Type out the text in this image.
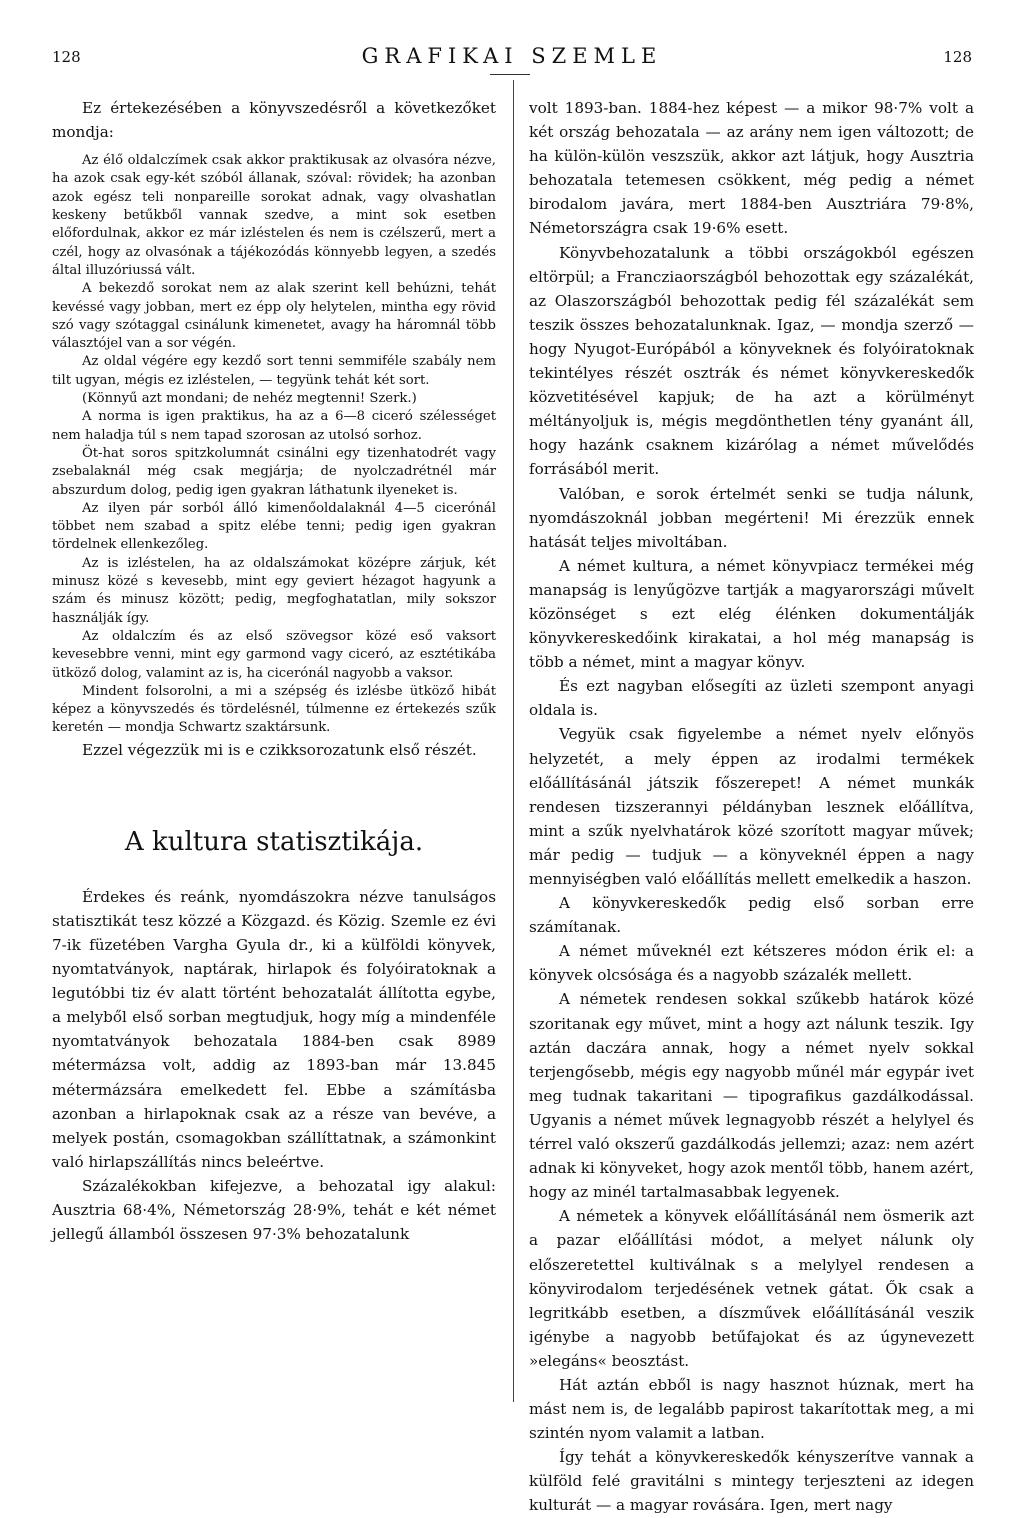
128	GRAFIKAI SZEMLE	128

Ez értekezésében a könyvszedésről a következőket mondja:

Az élő oldalczímek csak akkor praktikusak az olvasóra nézve, ha azok csak egy-két szóból állanak, szóval: rövidek; ha azonban azok egész teli nonpareille sorokat adnak, vagy olvashatlan keskeny betűkből vannak szedve, a mint sok esetben előfordulnak, akkor ez már izléstelen és nem is czélszerű, mert a czél, hogy az olvasónak a tájékozódás könnyebb legyen, a szedés által illuzóriussá vált.

A bekezdő sorokat nem az alak szerint kell behúzni, tehát kevéssé vagy jobban, mert ez épp oly helytelen, mintha egy rövid szó vagy szótaggal csinálunk kimenetet, avagy ha háromnál több választójel van a sor végén.

Az oldal végére egy kezdő sort tenni semmiféle szabály nem tilt ugyan, mégis ez izléstelen, — tegyünk tehát két sort.

(Könnyű azt mondani; de nehéz megtenni! Szerk.)

A norma is igen praktikus, ha az a 6—8 ciceró szélességet nem haladja túl s nem tapad szorosan az utolsó sorhoz.

Öt-hat soros spitzkolumnát csinálni egy tizenhatodrét vagy zsebalaknál még csak megjárja; de nyolczadrétnél már abszurdum dolog, pedig igen gyakran láthatunk ilyeneket is.

Az ilyen pár sorból álló kimenőoldalaknál 4—5 cicerónál többet nem szabad a spitz elébe tenni; pedig igen gyakran tördelnek ellenkezőleg.

Az is izléstelen, ha az oldalszámokat középre zárjuk, két minusz közé s kevesebb, mint egy geviert hézagot hagyunk a szám és minusz között; pedig, megfoghatatlan, mily sokszor használják így.

Az oldalczím és az első szövegsor közé eső vaksort kevesebbre venni, mint egy garmond vagy ciceró, az esztétikába ütköző dolog, valamint az is, ha cicerónál nagyobb a vaksor.

Mindent folsorolni, a mi a szépség és izlésbe ütköző hibát képez a könyvszedés és tördelésnél, túlmenne ez értekezés szűk keretén — mondja Schwartz szaktársunk.

Ezzel végezzük mi is e czikksorozatunk első részét.

A kultura statisztikája.

Érdekes és reánk, nyomdászokra nézve tanulságos statisztikát tesz közzé a Közgazd. és Közig. Szemle ez évi 7-ik füzetében Vargha Gyula dr., ki a külföldi könyvek, nyomtatványok, naptárak, hirlapok és folyóiratoknak a legutóbbi tiz év alatt történt behozatalát állította egybe, a melyből első sorban megtudjuk, hogy míg a mindenféle nyomtatványok behozatala 1884-ben csak 8989 métermázsa volt, addig az 1893-ban már 13.845 métermázsára emelkedett fel. Ebbe a számításba azonban a hirlapoknak csak az a része van bevéve, a melyek postán, csomagokban szállíttatnak, a számonkint való hirlapszállítás nincs beleértve.

Százalékokban kifejezve, a behozatal igy alakul: Ausztria 68·4%, Németország 28·9%, tehát e két német jellegű államból összesen 97·3% behozatalunk

volt 1893-ban. 1884-hez képest — a mikor 98·7% volt a két ország behozatala — az arány nem igen változott; de ha külön-külön veszszük, akkor azt látjuk, hogy Ausztria behozatala tetemesen csökkent, még pedig a német birodalom javára, mert 1884-ben Ausztriára 79·8%, Németországra csak 19·6% esett.

Könyvbehozatalunk a többi országokból egészen eltörpül; a Francziaországból behozottak egy százalékát, az Olaszországból behozottak pedig fél százalékát sem teszik összes behozatalunknak. Igaz, — mondja szerző — hogy Nyugot-Európából a könyveknek és folyóiratoknak tekintélyes részét osztrák és német könyvkereskedők közvetitésével kapjuk; de ha azt a körülményt méltányoljuk is, mégis megdönthetlen tény gyanánt áll, hogy hazánk csaknem kizárólag a német művelődés forrásából merit.

Valóban, e sorok értelmét senki se tudja nálunk, nyomdászoknál jobban megérteni! Mi érezzük ennek hatását teljes mivoltában.

A német kultura, a német könyvpiacz termékei még manapság is lenyűgözve tartják a magyarországi művelt közönséget s ezt elég élénken dokumentálják könyvkereskedőink kirakatai, a hol még manapság is több a német, mint a magyar könyv.

És ezt nagyban elősegíti az üzleti szempont anyagi oldala is.

Vegyük csak figyelembe a német nyelv előnyös helyzetét, a mely éppen az irodalmi termékek előállításánál játszik főszerepet! A német munkák rendesen tizszerannyi példányban lesznek előállítva, mint a szűk nyelvhatárok közé szorított magyar művek; már pedig — tudjuk — a könyveknél éppen a nagy mennyiségben való előállítás mellett emelkedik a haszon.

A könyvkereskedők pedig első sorban erre számítanak.

A német műveknél ezt kétszeres módon érik el: a könyvek olcsósága és a nagyobb százalék mellett.

A németek rendesen sokkal szűkebb határok közé szoritanak egy művet, mint a hogy azt nálunk teszik. Igy aztán daczára annak, hogy a német nyelv sokkal terjengősebb, mégis egy nagyobb műnél már egypár ivet meg tudnak takaritani — tipografikus gazdálkodással. Ugyanis a német művek legnagyobb részét a helylyel és térrel való okszerű gazdálkodás jellemzi; azaz: nem azért adnak ki könyveket, hogy azok mentől több, hanem azért, hogy az minél tartalmasabbak legyenek.

A németek a könyvek előállításánál nem ösmerik azt a pazar előállítási módot, a melyet nálunk oly előszeretettel kultiválnak s a melylyel rendesen a könyvirodalom terjedésének vetnek gátat. Ők csak a legritkább esetben, a díszművek előállításánál veszik igénybe a nagyobb betűfajokat és az úgynevezett »elegáns« beosztást.

Hát aztán ebből is nagy hasznot húznak, mert ha mást nem is, de legalább papirost takarítottak meg, a mi szintén nyom valamit a latban.

Így tehát a könyvkereskedők kényszerítve vannak a külföld felé gravitálni s mintegy terjeszteni az idegen kulturát — a magyar rovására. Igen, mert nagy
